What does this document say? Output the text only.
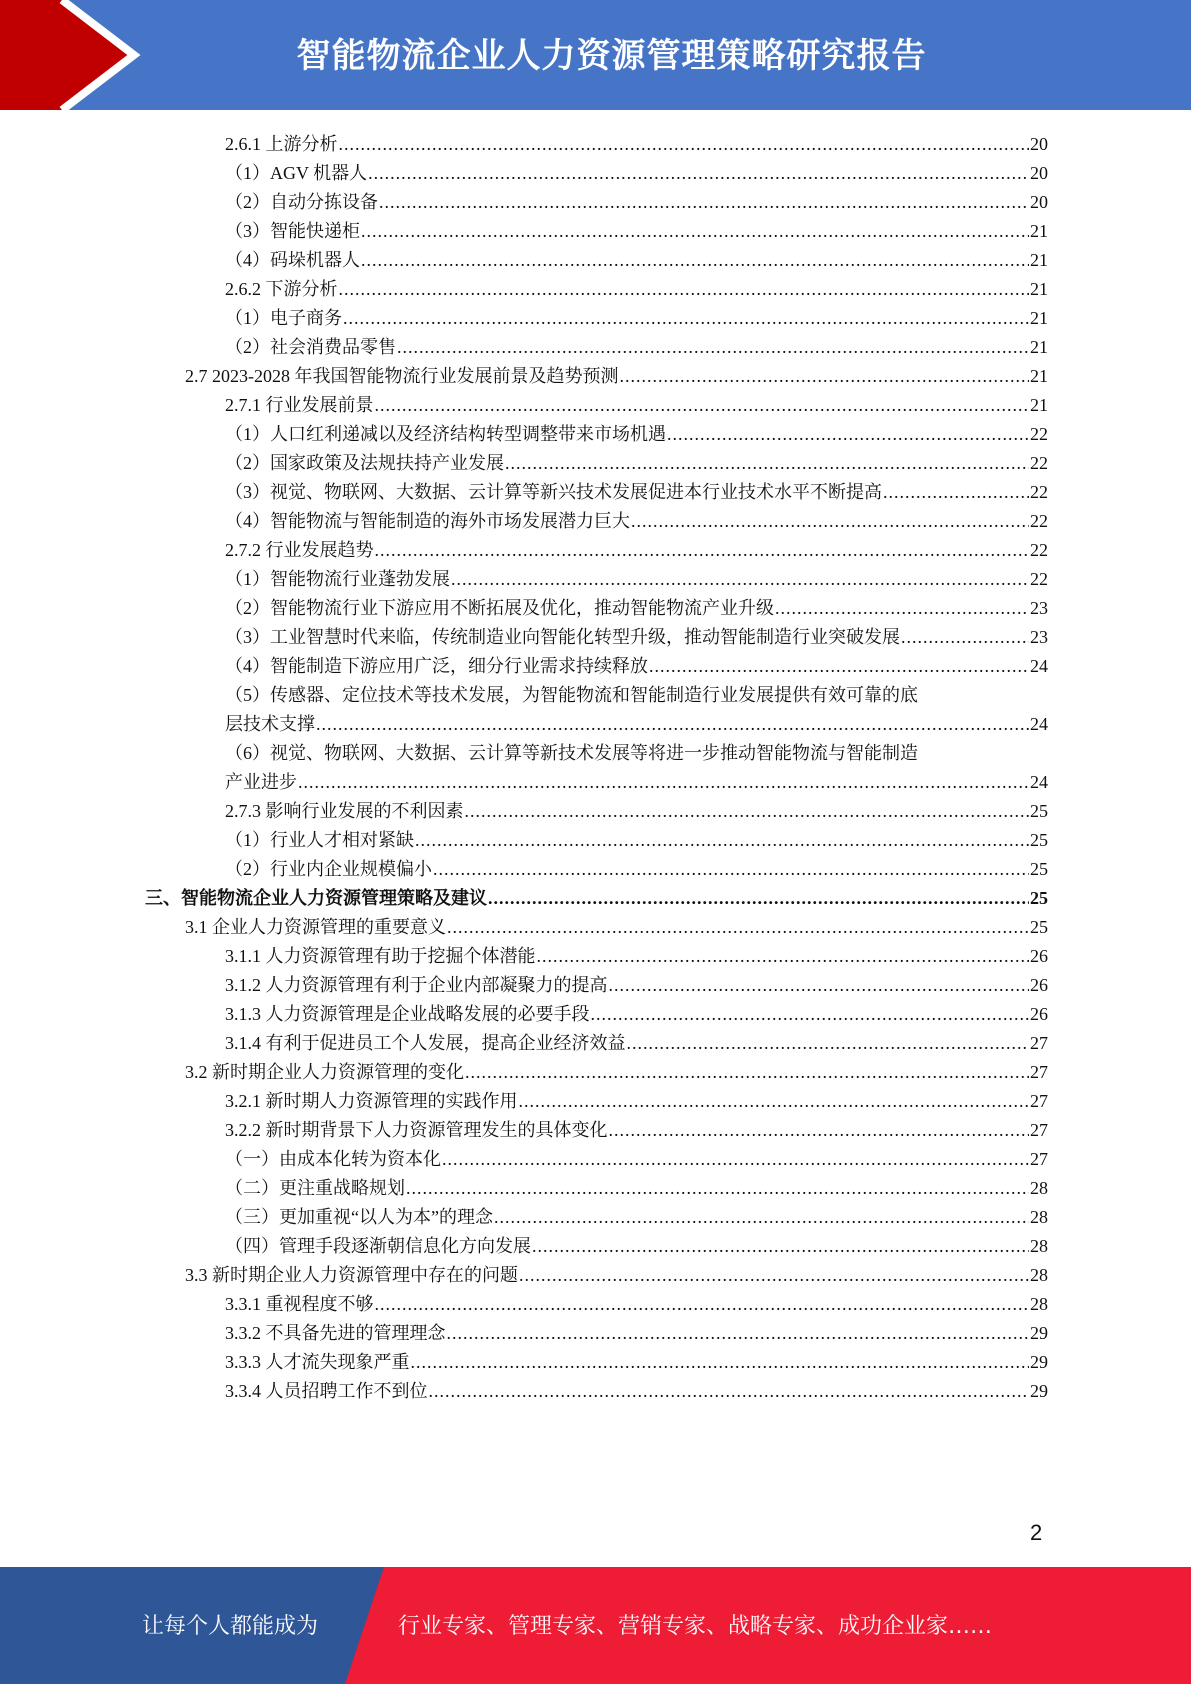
智能物流企业人力资源管理策略研究报告
2.6.1 上游分析 .....	20
（1）AGV 机器人 .....	20
（2）自动分拣设备 .....	20
（3）智能快递柜 .....	21
（4）码垛机器人 .....	21
2.6.2 下游分析 .....	21
（1）电子商务 .....	21
（2）社会消费品零售 .....	21
2.7 2023-2028 年我国智能物流行业发展前景及趋势预测 .....	21
2.7.1 行业发展前景 .....	21
（1）人口红利递减以及经济结构转型调整带来市场机遇 .....	22
（2）国家政策及法规扶持产业发展 .....	22
（3）视觉、物联网、大数据、云计算等新兴技术发展促进本行业技术水平不断提高 .....	22
（4）智能物流与智能制造的海外市场发展潜力巨大 .....	22
2.7.2 行业发展趋势 .....	22
（1）智能物流行业蓬勃发展 .....	22
（2）智能物流行业下游应用不断拓展及优化，推动智能物流产业升级 .....	23
（3）工业智慧时代来临，传统制造业向智能化转型升级，推动智能制造行业突破发展 .....	23
（4）智能制造下游应用广泛，细分行业需求持续释放 .....	24
（5）传感器、定位技术等技术发展，为智能物流和智能制造行业发展提供有效可靠的底
层技术支撑 .....	24
（6）视觉、物联网、大数据、云计算等新技术发展等将进一步推动智能物流与智能制造
产业进步 .....	24
2.7.3 影响行业发展的不利因素 .....	25
（1）行业人才相对紧缺 .....	25
（2）行业内企业规模偏小 .....	25
三、智能物流企业人力资源管理策略及建议 .....	25
3.1 企业人力资源管理的重要意义 .....	25
3.1.1 人力资源管理有助于挖掘个体潜能 .....	26
3.1.2 人力资源管理有利于企业内部凝聚力的提高 .....	26
3.1.3 人力资源管理是企业战略发展的必要手段 .....	26
3.1.4 有利于促进员工个人发展，提高企业经济效益 .....	27
3.2 新时期企业人力资源管理的变化 .....	27
3.2.1 新时期人力资源管理的实践作用 .....	27
3.2.2 新时期背景下人力资源管理发生的具体变化 .....	27
（一）由成本化转为资本化 .....	27
（二）更注重战略规划 .....	28
（三）更加重视“以人为本”的理念 .....	28
（四）管理手段逐渐朝信息化方向发展 .....	28
3.3 新时期企业人力资源管理中存在的问题 .....	28
3.3.1 重视程度不够 .....	28
3.3.2 不具备先进的管理理念 .....	29
3.3.3 人才流失现象严重 .....	29
3.3.4 人员招聘工作不到位 .....	29
2
让每个人都能成为	行业专家、管理专家、营销专家、战略专家、成功企业家……
